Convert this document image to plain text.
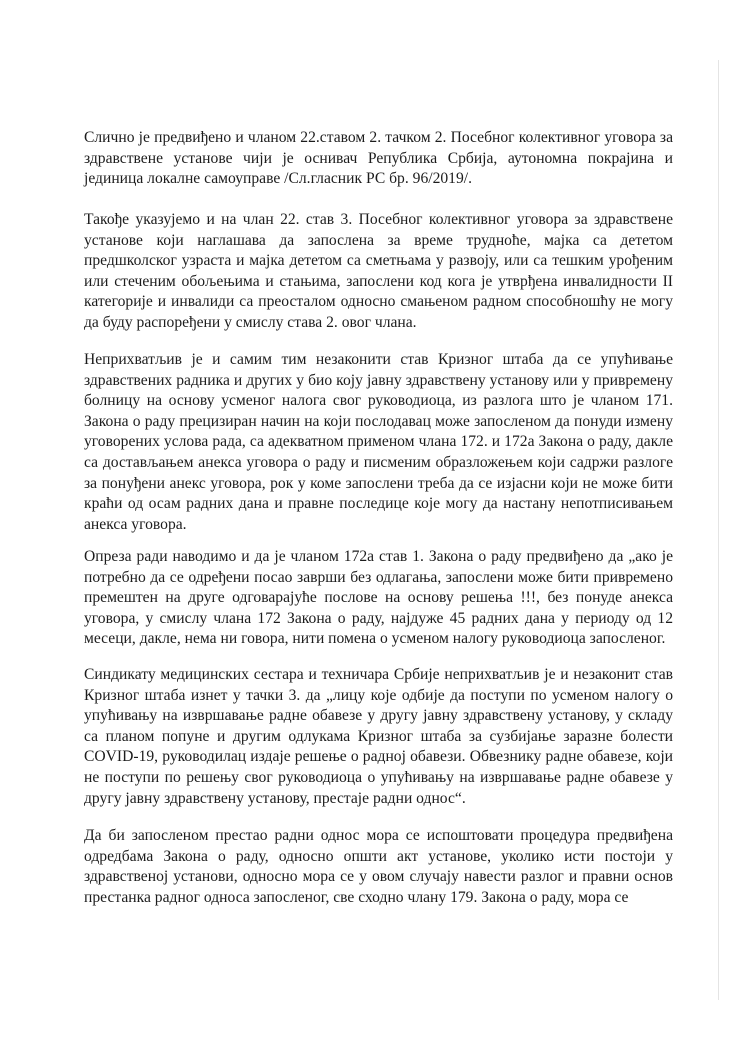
Слично је предвиђено и чланом 22.ставом 2. тачком 2. Посебног колективног уговора за здравствене установе чији је оснивач Република Србија, аутономна покрајина и јединица локалне самоуправе /Сл.гласник РС бр. 96/2019/.

Такође указујемо и на члан 22. став 3. Посебног колективног уговора за здравствене установе који наглашава да запослена за време трудноће, мајка са дететом предшколског узраста и мајка дететом са сметњама у развоју, или са тешким урођеним или стеченим обољењима и стањима, запослени код кога је утврђена инвалидности II категорије и инвалиди са преосталом односно смањеном радном способношћу не могу да буду распоређени у смислу става 2. овог члана.

Неприхватљив је и самим тим незаконити став Кризног штаба да се упућивање здравствених радника и других у био коју јавну здравствену установу или у привремену болницу на основу усменог налога свог руководиоца, из разлога што је чланом 171. Закона о раду прецизиран начин на који послодавац може запосленом да понуди измену уговорених услова рада, са адекватном применом члана 172. и 172а Закона о раду, дакле са достављањем анекса уговора о раду и писменим образложењем који садржи разлоге за понуђени анекс уговора, рок у коме запослени треба да се изјасни који не може бити краћи од осам радних дана и правне последице које могу да настану непотписивањем анекса уговора.

Опреза ради наводимо и да је чланом 172а став 1. Закона о раду предвиђено да „ако је потребно да се одређени посао заврши без одлагања, запослени може бити привремено премештен на друге одговарајуће послове на основу решења !!!, без понуде анекса уговора, у смислу члана 172 Закона о раду, најдуже 45 радних дана у периоду од 12 месеци, дакле, нема ни говора, нити помена о усменом налогу руководиоца запосленог.

Синдикату медицинских сестара и техничара Србије неприхватљив је и незаконит став Кризног штаба изнет у тачки 3. да „лицу које одбије да поступи по усменом налогу о упућивању на извршавање радне обавезе у другу јавну здравствену установу, у складу са планом попуне и другим одлукама Кризног штаба за сузбијање заразне болести COVID-19, руководилац издаје решење о радној обавези. Обвезнику радне обавезе, који не поступи по решењу свог руководиоца о упућивању на извршавање радне обавезе у другу јавну здравствену установу, престаје радни однос“.

Да би запосленом престао радни однос мора се испоштовати процедура предвиђена одредбама Закона о раду, односно општи акт установе, уколико исти постоји у здравственој установи, односно мора се у овом случају навести разлог и правни основ престанка радног односа запосленог, све сходно члану 179. Закона о раду, мора се
